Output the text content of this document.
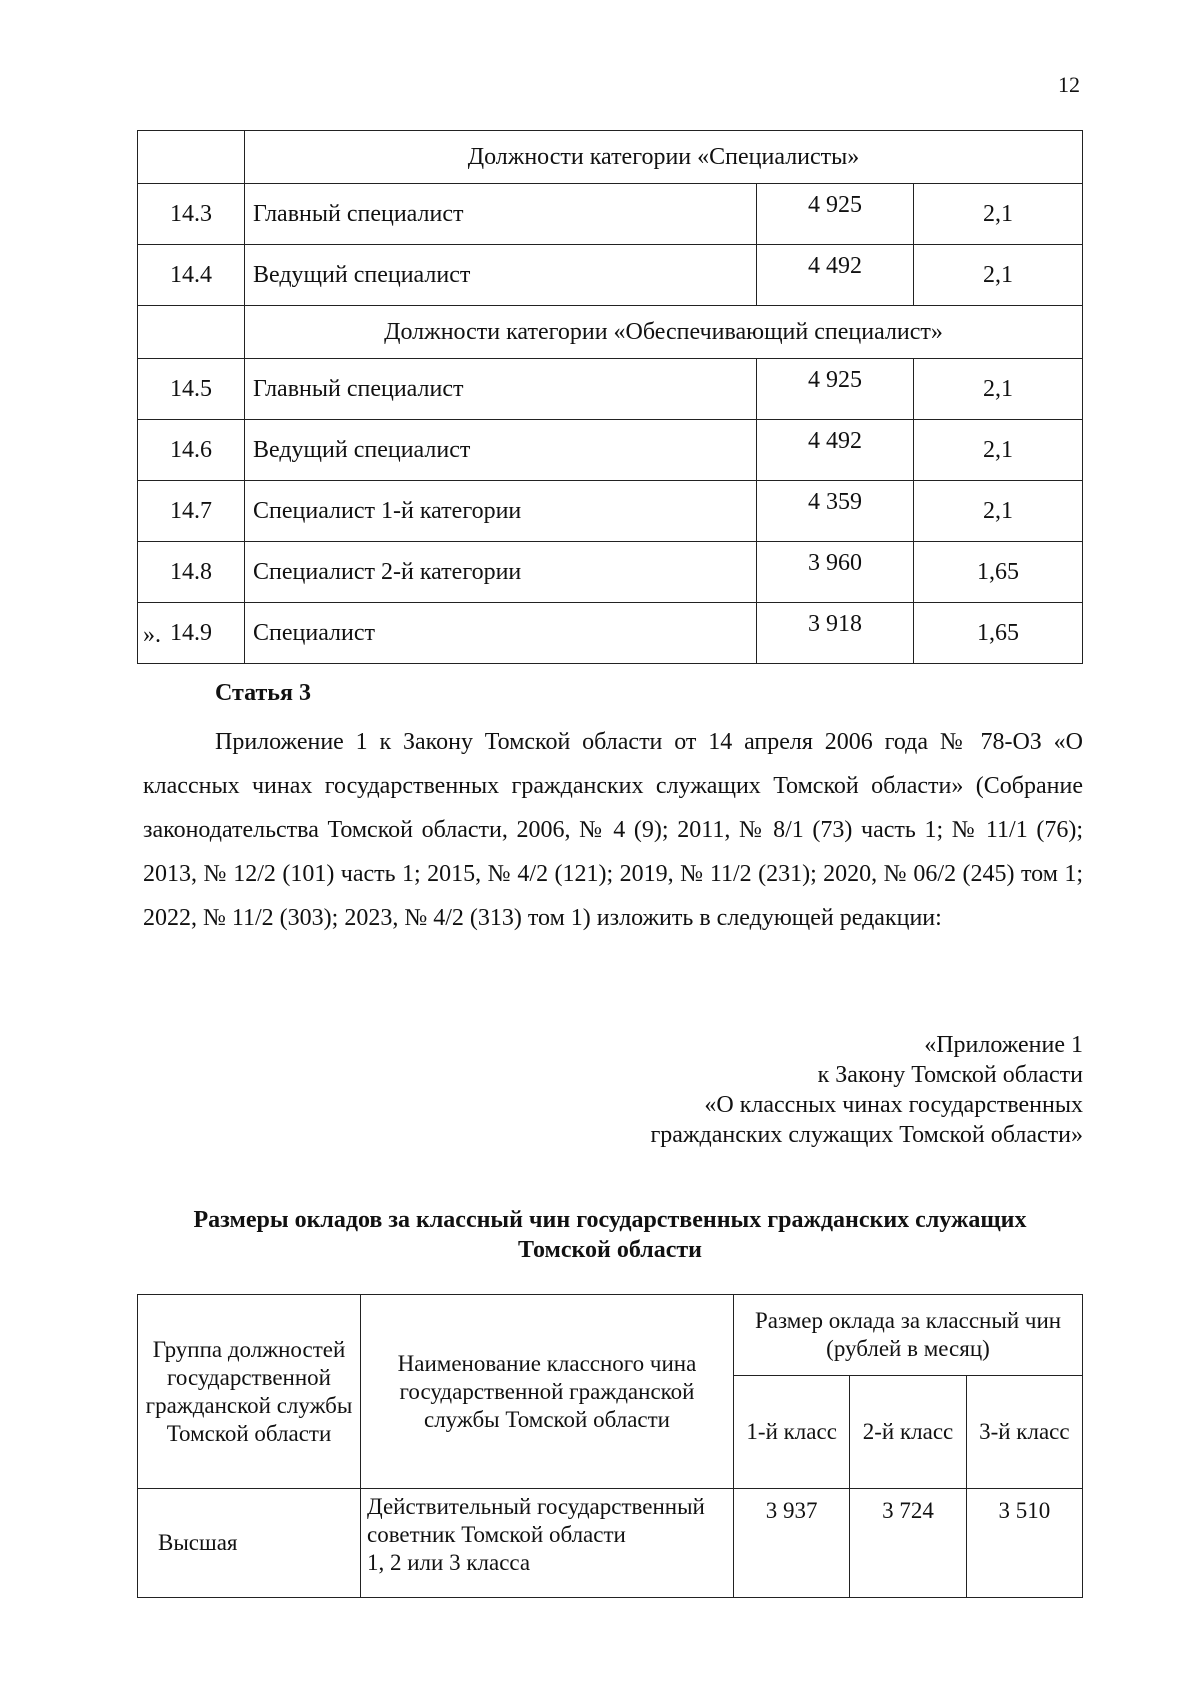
12
	Должности категории «Специалисты»		
14.3	Главный специалист	4 925	2,1
14.4	Ведущий специалист	4 492	2,1
	Должности категории «Обеспечивающий специалист»		
14.5	Главный специалист	4 925	2,1
14.6	Ведущий специалист	4 492	2,1
14.7	Специалист 1-й категории	4 359	2,1
14.8	Специалист 2-й категории	3 960	1,65
14.9	Специалист	3 918	1,65
».
Статья 3

Приложение 1 к Закону Томской области от 14 апреля 2006 года № 78-ОЗ «О классных чинах государственных гражданских служащих Томской области» (Собрание законодательства Томской области, 2006, № 4 (9); 2011, № 8/1 (73) часть 1; № 11/1 (76); 2013, № 12/2 (101) часть 1; 2015, № 4/2 (121); 2019, № 11/2 (231); 2020, № 06/2 (245) том 1; 2022, № 11/2 (303); 2023, № 4/2 (313) том 1) изложить в следующей редакции:

«Приложение 1
к Закону Томской области
«О классных чинах государственных
гражданских служащих Томской области»
Размеры окладов за классный чин государственных гражданских служащих
Томской области
Группа должностей государственной гражданской службы Томской области	Наименование классного чина государственной гражданской службы Томской области	Размер оклада за классный чин (рублей в месяц)		
		1-й класс	2-й класс	3-й класс
Высшая	Действительный государственный
советник Томской области
1, 2 или 3 класса	3 937	3 724	3 510
